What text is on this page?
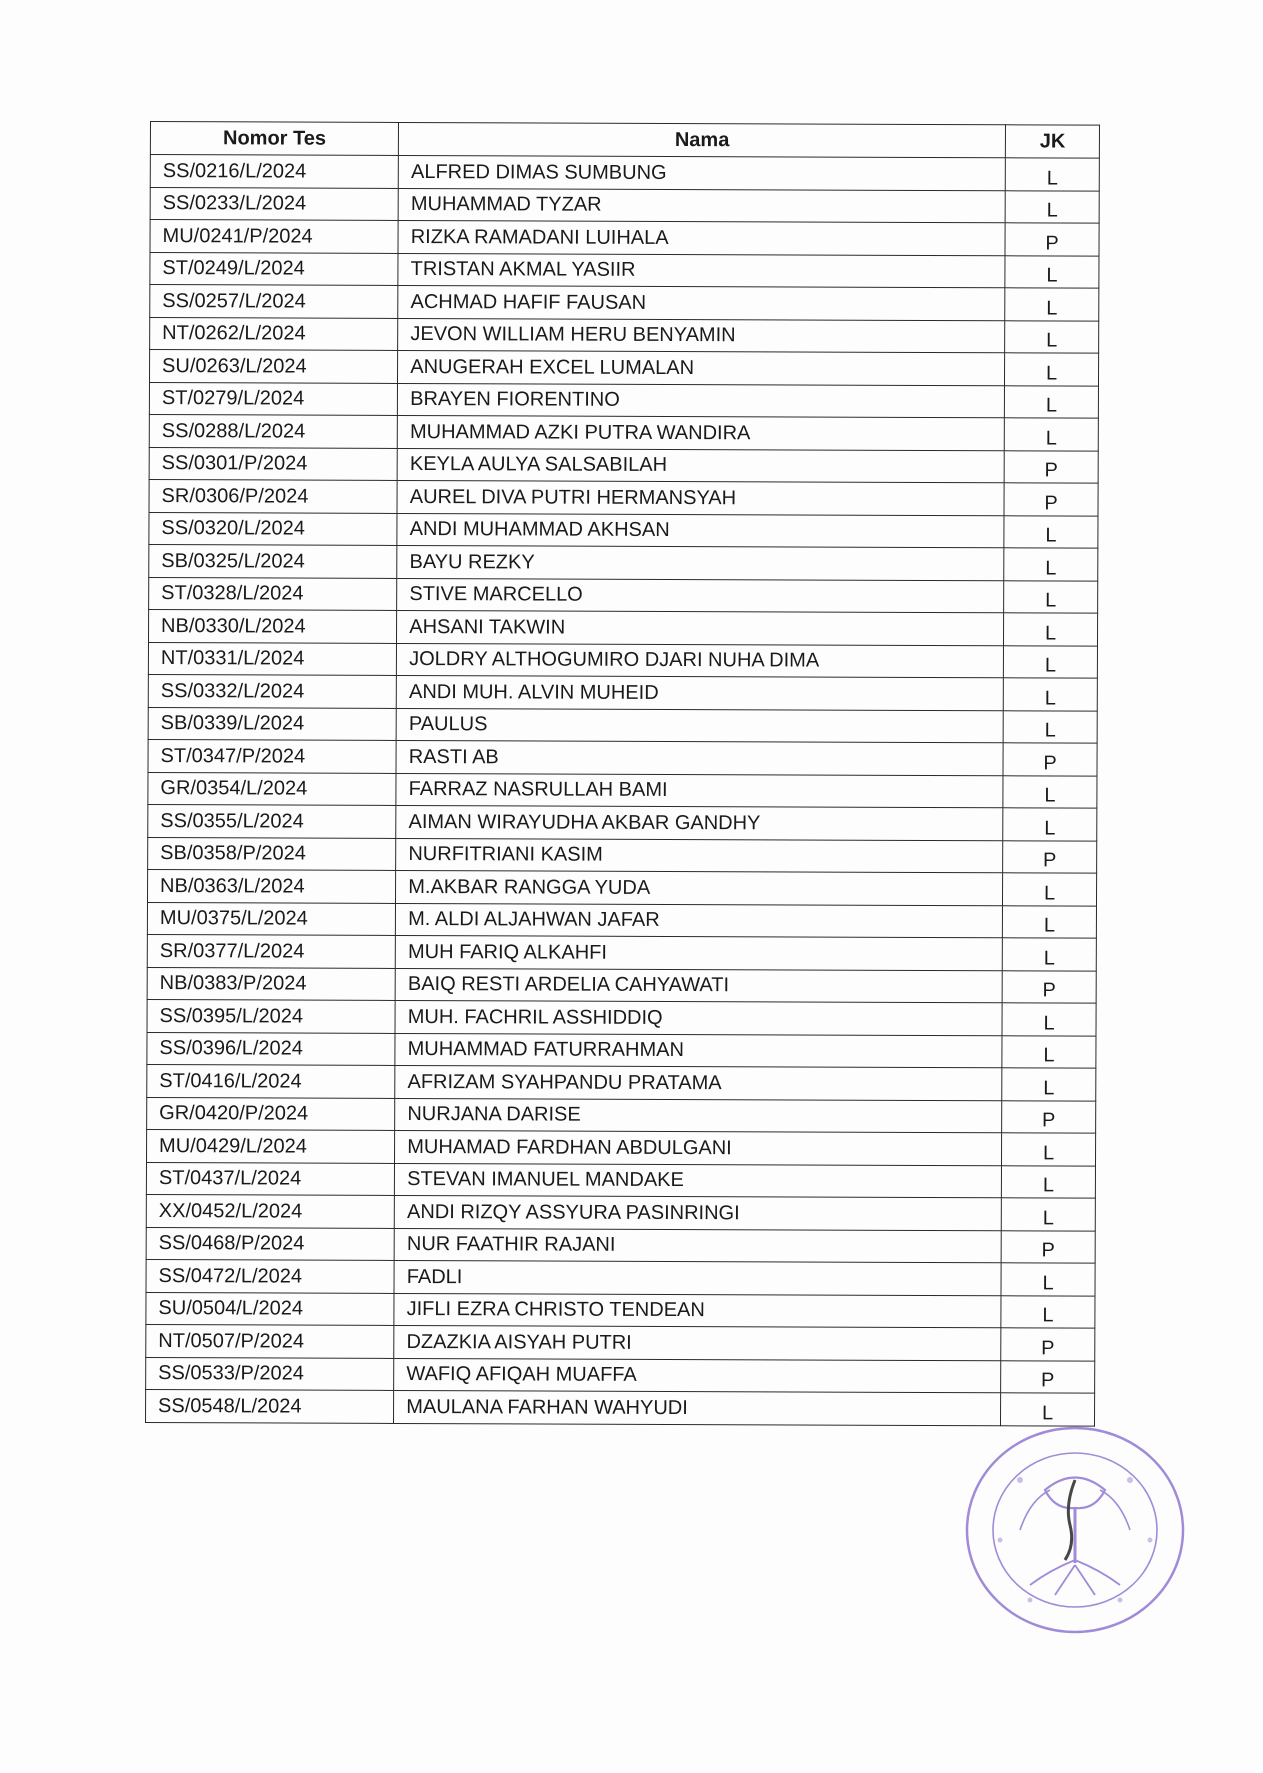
Nomor Tes	Nama	JK
SS/0216/L/2024	ALFRED DIMAS SUMBUNG	L
SS/0233/L/2024	MUHAMMAD TYZAR	L
MU/0241/P/2024	RIZKA RAMADANI LUIHALA	P
ST/0249/L/2024	TRISTAN AKMAL YASIIR	L
SS/0257/L/2024	ACHMAD HAFIF FAUSAN	L
NT/0262/L/2024	JEVON WILLIAM HERU BENYAMIN	L
SU/0263/L/2024	ANUGERAH EXCEL LUMALAN	L
ST/0279/L/2024	BRAYEN FIORENTINO	L
SS/0288/L/2024	MUHAMMAD AZKI PUTRA WANDIRA	L
SS/0301/P/2024	KEYLA AULYA SALSABILAH	P
SR/0306/P/2024	AUREL DIVA PUTRI HERMANSYAH	P
SS/0320/L/2024	ANDI MUHAMMAD AKHSAN	L
SB/0325/L/2024	BAYU REZKY	L
ST/0328/L/2024	STIVE MARCELLO	L
NB/0330/L/2024	AHSANI TAKWIN	L
NT/0331/L/2024	JOLDRY ALTHOGUMIRO DJARI NUHA DIMA	L
SS/0332/L/2024	ANDI MUH. ALVIN MUHEID	L
SB/0339/L/2024	PAULUS	L
ST/0347/P/2024	RASTI AB	P
GR/0354/L/2024	FARRAZ NASRULLAH BAMI	L
SS/0355/L/2024	AIMAN WIRAYUDHA AKBAR GANDHY	L
SB/0358/P/2024	NURFITRIANI KASIM	P
NB/0363/L/2024	M.AKBAR RANGGA YUDA	L
MU/0375/L/2024	M. ALDI ALJAHWAN JAFAR	L
SR/0377/L/2024	MUH FARIQ ALKAHFI	L
NB/0383/P/2024	BAIQ RESTI ARDELIA CAHYAWATI	P
SS/0395/L/2024	MUH. FACHRIL ASSHIDDIQ	L
SS/0396/L/2024	MUHAMMAD FATURRAHMAN	L
ST/0416/L/2024	AFRIZAM SYAHPANDU PRATAMA	L
GR/0420/P/2024	NURJANA DARISE	P
MU/0429/L/2024	MUHAMAD FARDHAN ABDULGANI	L
ST/0437/L/2024	STEVAN IMANUEL MANDAKE	L
XX/0452/L/2024	ANDI RIZQY ASSYURA PASINRINGI	L
SS/0468/P/2024	NUR FAATHIR RAJANI	P
SS/0472/L/2024	FADLI	L
SU/0504/L/2024	JIFLI EZRA CHRISTO TENDEAN	L
NT/0507/P/2024	DZAZKIA AISYAH PUTRI	P
SS/0533/P/2024	WAFIQ AFIQAH MUAFFA	P
SS/0548/L/2024	MAULANA FARHAN WAHYUDI	L
